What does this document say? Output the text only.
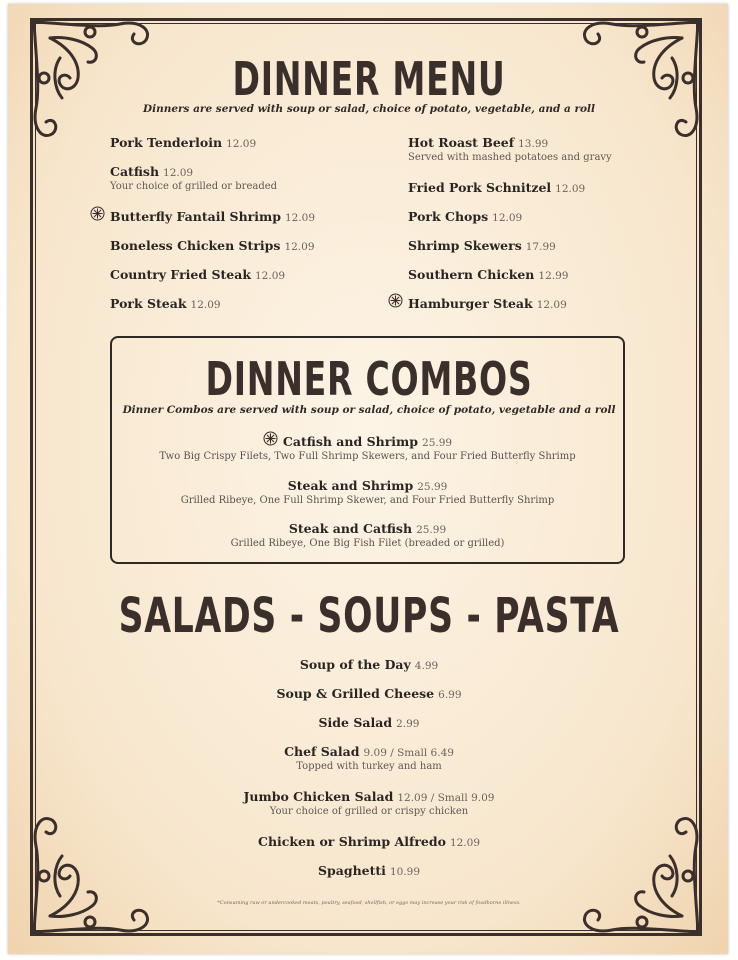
DINNER MENU
Dinners are served with soup or salad, choice of potato, vegetable, and a roll
Pork Tenderloin 12.09
Catfish 12.09
Your choice of grilled or breaded
Butterfly Fantail Shrimp 12.09
Boneless Chicken Strips 12.09
Country Fried Steak 12.09
Pork Steak 12.09
Hot Roast Beef 13.99
Served with mashed potatoes and gravy
Fried Pork Schnitzel 12.09
Pork Chops 12.09
Shrimp Skewers 17.99
Southern Chicken 12.99
Hamburger Steak 12.09
DINNER COMBOS
Dinner Combos are served with soup or salad, choice of potato, vegetable and a roll
Catfish and Shrimp 25.99
Two Big Crispy Filets, Two Full Shrimp Skewers, and Four Fried Butterfly Shrimp
Steak and Shrimp 25.99
Grilled Ribeye, One Full Shrimp Skewer, and Four Fried Butterfly Shrimp
Steak and Catfish 25.99
Grilled Ribeye, One Big Fish Filet (breaded or grilled)
SALADS - SOUPS - PASTA
Soup of the Day 4.99
Soup & Grilled Cheese 6.99
Side Salad 2.99
Chef Salad 9.09 / Small 6.49
Topped with turkey and ham
Jumbo Chicken Salad 12.09 / Small 9.09
Your choice of grilled or crispy chicken
Chicken or Shrimp Alfredo 12.09
Spaghetti 10.99
*Consuming raw or undercooked meats, poultry, seafood, shellfish, or eggs may increase your risk of foodborne illness.
